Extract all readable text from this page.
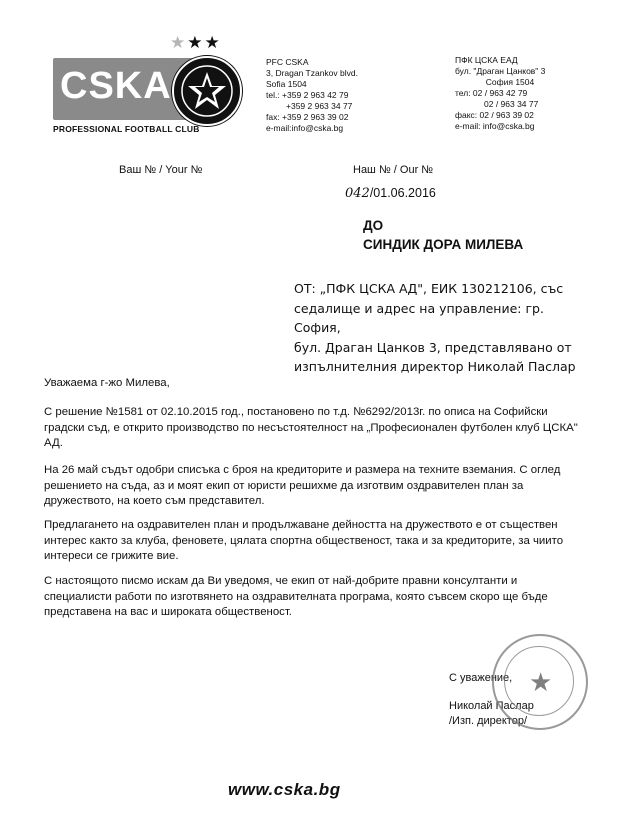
★★★
CSKA
PROFESSIONAL FOOTBALL CLUB
PFC CSKA
3, Dragan Tzankov blvd.
Sofia 1504
tel.: +359 2 963 42 79
+359 2 963 34 77
fax: +359 2 963 39 02
e-mail:info@cska.bg
ПФК ЦСКА ЕАД
бул. "Драган Цанков" 3
София 1504
тел: 02 / 963 42 79
02 / 963 34 77
факс: 02 / 963 39 02
e-mail: info@cska.bg
Ваш № / Your №	Наш № / Our №
042/01.06.2016
ДО
СИНДИК ДОРА МИЛЕВА
ОТ: „ПФК ЦСКА АД", ЕИК 130212106, със
седалище и адрес на управление: гр. София,
бул. Драган Цанков 3, представлявано от
изпълнителния директор Николай Паслар
Уважаема г-жо Милева,
С решение №1581 от 02.10.2015 год., постановено по т.д. №6292/2013г. по описа на Софийски градски съд, е открито производство по несъстоятелност на „Професионален футболен клуб ЦСКА" АД.
На 26 май съдът одобри списъка с броя на кредиторите и размера на техните вземания. С оглед решението на съда, аз и моят екип от юристи решихме да изготвим оздравителен план за дружеството, на което съм представител.
Предлагането на оздравителен план и продължаване дейността на дружеството е от съществен интерес както за клуба, феновете, цялата спортна общественост, така и за кредиторите, за чиито интереси се грижите вие.
С настоящото писмо искам да Ви уведомя, че екип от най-добрите правни консултанти и специалисти работи по изготвянето на оздравителната програма, която съвсем скоро ще бъде представена на вас и широката общественост.
С уважение,
Николай Паслар
/Изп. директор/
★
www.cska.bg
